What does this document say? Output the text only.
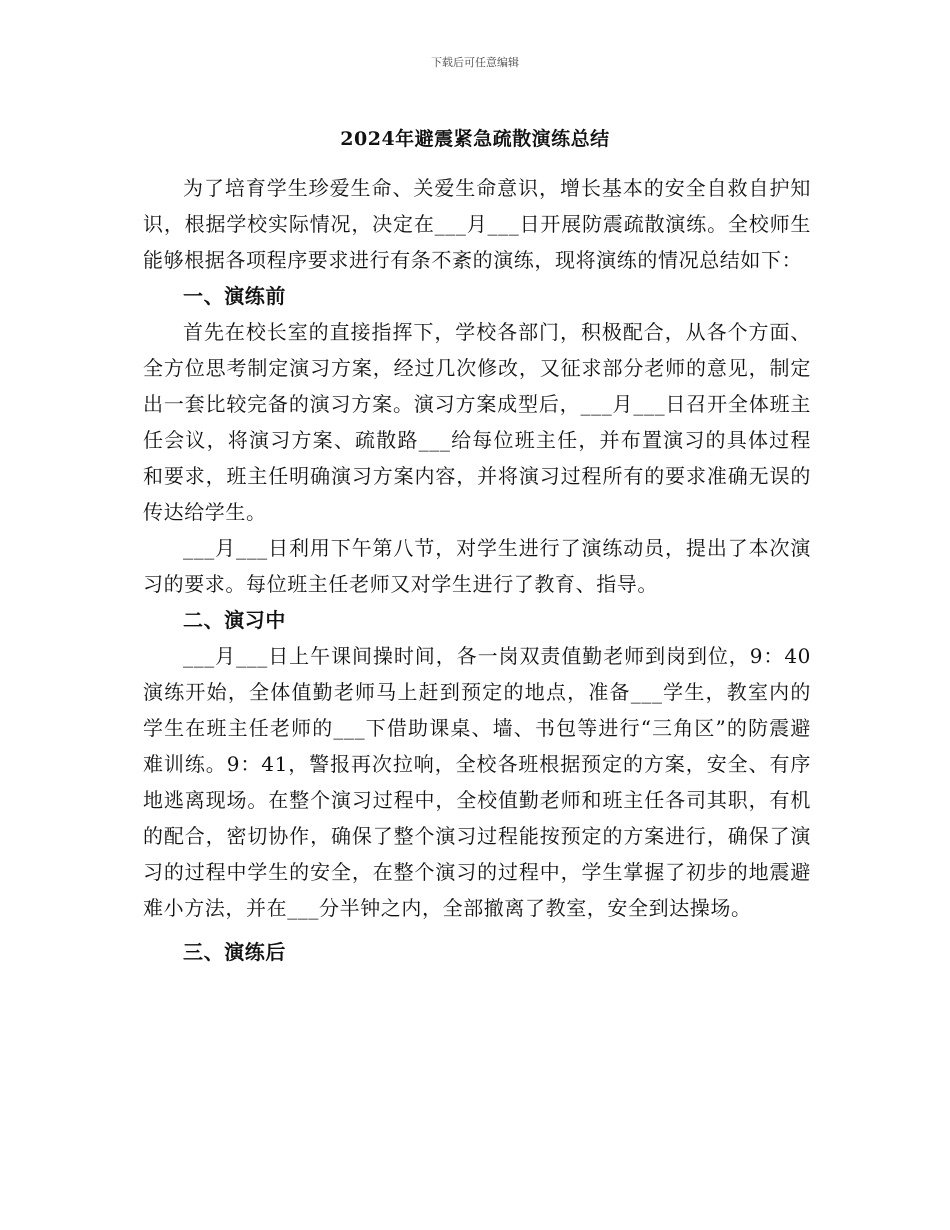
下载后可任意编辑
2024年避震紧急疏散演练总结

为了培育学生珍爱生命、关爱生命意识，增长基本的安全自救自护知识，根据学校实际情况，决定在___月___日开展防震疏散演练。全校师生能够根据各项程序要求进行有条不紊的演练，现将演练的情况总结如下：

一、演练前

首先在校长室的直接指挥下，学校各部门，积极配合，从各个方面、全方位思考制定演习方案，经过几次修改，又征求部分老师的意见，制定出一套比较完备的演习方案。演习方案成型后，___月___日召开全体班主任会议，将演习方案、疏散路___给每位班主任，并布置演习的具体过程和要求，班主任明确演习方案内容，并将演习过程所有的要求准确无误的传达给学生。

___月___日利用下午第八节，对学生进行了演练动员，提出了本次演习的要求。每位班主任老师又对学生进行了教育、指导。

二、演习中

___月___日上午课间操时间，各一岗双责值勤老师到岗到位，9：40演练开始，全体值勤老师马上赶到预定的地点，准备___学生，教室内的学生在班主任老师的___下借助课桌、墙、书包等进行“三角区”的防震避难训练。9：41，警报再次拉响，全校各班根据预定的方案，安全、有序地逃离现场。在整个演习过程中，全校值勤老师和班主任各司其职，有机的配合，密切协作，确保了整个演习过程能按预定的方案进行，确保了演习的过程中学生的安全，在整个演习的过程中，学生掌握了初步的地震避难小方法，并在___分半钟之内，全部撤离了教室，安全到达操场。

三、演练后
